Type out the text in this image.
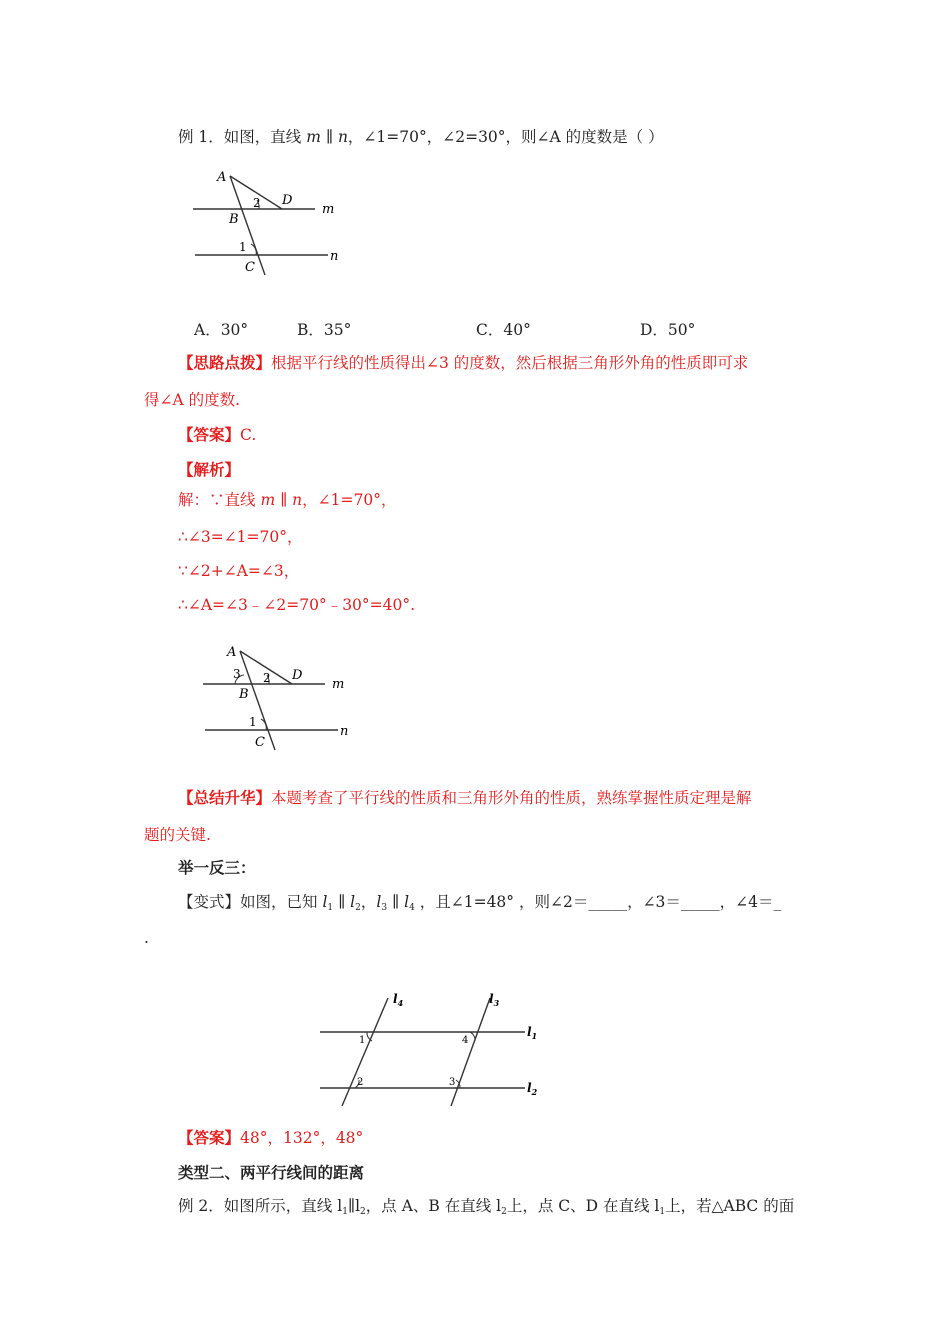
例 1．如图，直线 m ∥ n，∠1=70°，∠2=30°，则∠A 的度数是（ ）
A
B
C
D
2
1
m
n
A．30°	B．35°	C．40°	D．50°
【思路点拨】根据平行线的性质得出∠3 的度数，然后根据三角形外角的性质即可求
得∠A 的度数.
【答案】C.
【解析】
解：∵直线 m ∥ n，∠1=70°，
∴∠3=∠1=70°，
∵∠2+∠A=∠3，
∴∠A=∠3﹣∠2=70°﹣30°=40°.
A
3
B
C
D
2
1
m
n
【总结升华】本题考查了平行线的性质和三角形外角的性质，熟练掌握性质定理是解
题的关键.
举一反三：
【变式】如图，已知 $l_1$ ∥ $l_2$，$l_3$ ∥ $l_4$ ，且∠1=48° ，则∠2＝_____，∠3＝_____，∠4＝_
.
$l_4$	$l_3$
$l_1$
$l_2$
1
2	3
4
【答案】48°，132°，48°
类型二、两平行线间的距离
例 2．如图所示，直线 $l_1\parallel l_2$，点 A、B 在直线 $l_2$上，点 C、D 在直线 $l_1$上，若△ABC 的面
